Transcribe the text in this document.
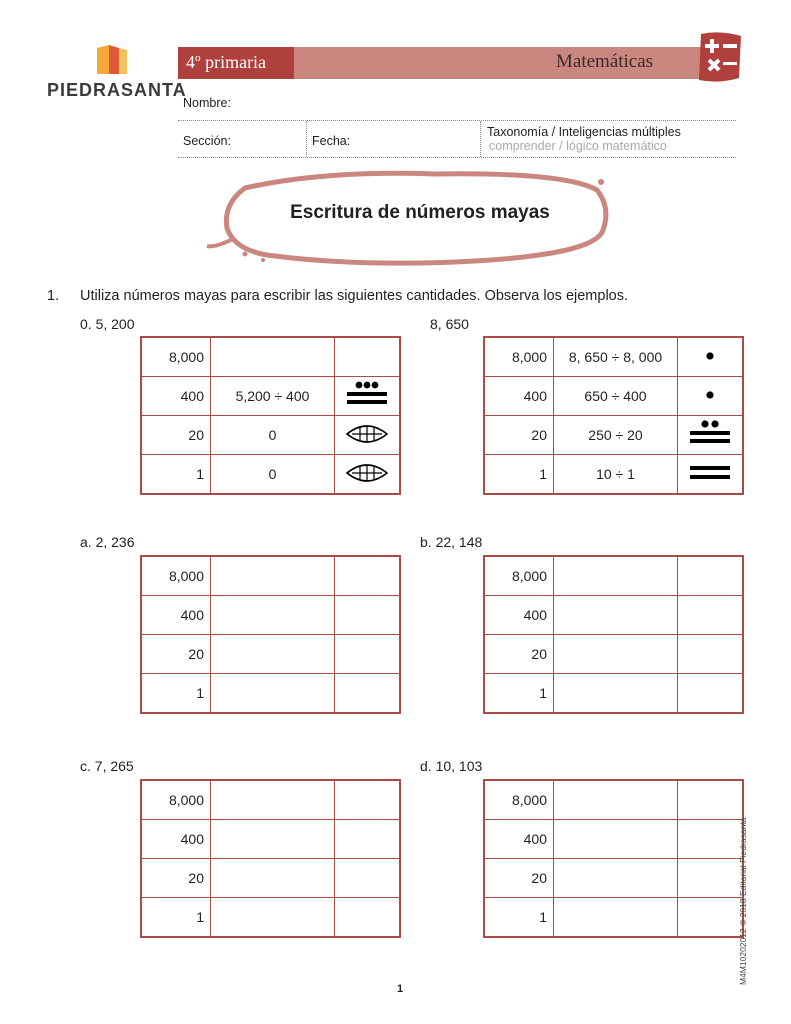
PIEDRASANTA
4º primaria	Matemáticas
Nombre:
Sección:	Fecha:
Taxonomía / Inteligencias múltiples
comprender / lógico matemático
Escritura de números mayas
1. Utiliza números mayas para escribir las siguientes cantidades. Observa los ejemplos.
0. 5, 200
8,000		
400	5,200 ÷ 400	
20	0	
1	0	
8, 650
8,000	8, 650 ÷ 8, 000	
400	650 ÷ 400	
20	250 ÷ 20	
1	10 ÷ 1	
a. 2, 236
8,000		
400		
20		
1		
b. 22, 148
8,000		
400		
20		
1		
c. 7, 265
8,000		
400		
20		
1		
d. 10, 103
8,000		
400		
20		
1		
1
M4M10202012 © 2018 Editorial Piedrasanta
